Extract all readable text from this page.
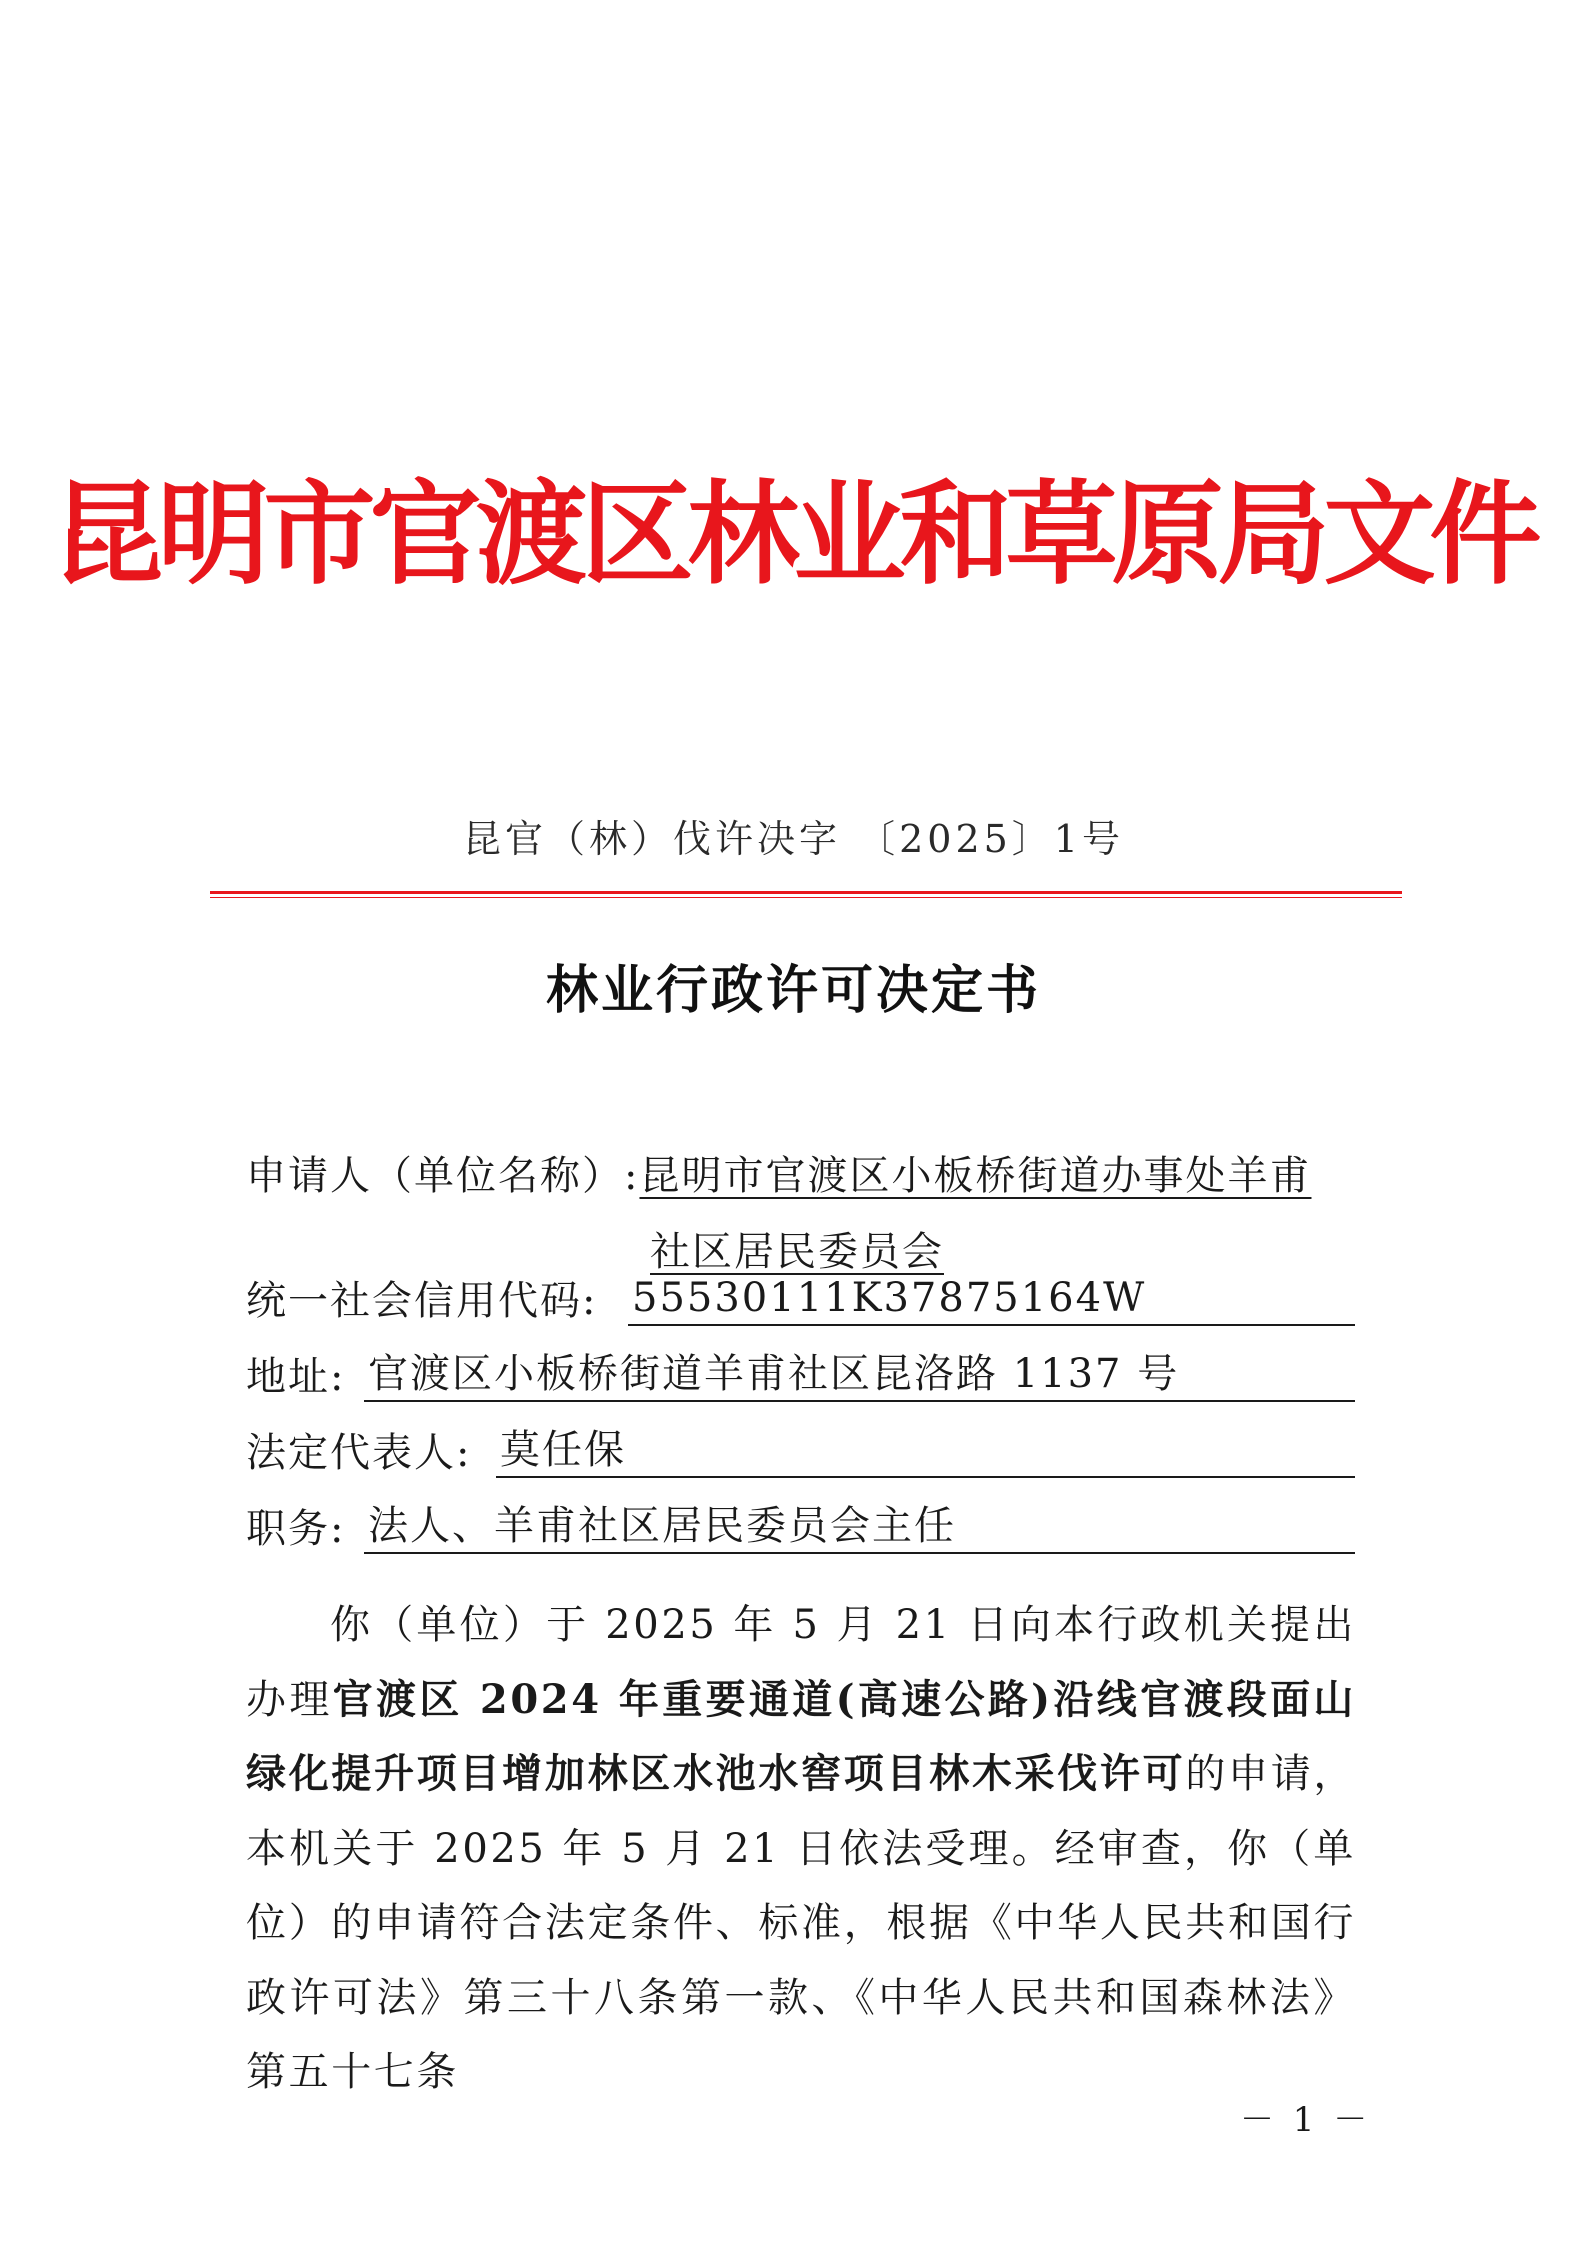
昆明市官渡区林业和草原局文件
昆官（林）伐许决字 〔2025〕1号
林业行政许可决定书
申请人（单位名称）:昆明市官渡区小板桥街道办事处羊甫
社区居民委员会
统一社会信用代码: 55530111K37875164W
地址: 官渡区小板桥街道羊甫社区昆洛路 1137 号
法定代表人: 莫任保
职务: 法人、羊甫社区居民委员会主任
你（单位）于 2025 年 5 月 21 日向本行政机关提出办理官渡区 2024 年重要通道(高速公路)沿线官渡段面山绿化提升项目增加林区水池水窖项目林木采伐许可的申请，本机关于 2025 年 5 月 21 日依法受理。经审查，你（单位）的申请符合法定条件、标准，根据《中华人民共和国行政许可法》第三十八条第一款、《中华人民共和国森林法》第五十七条
－ 1 －
